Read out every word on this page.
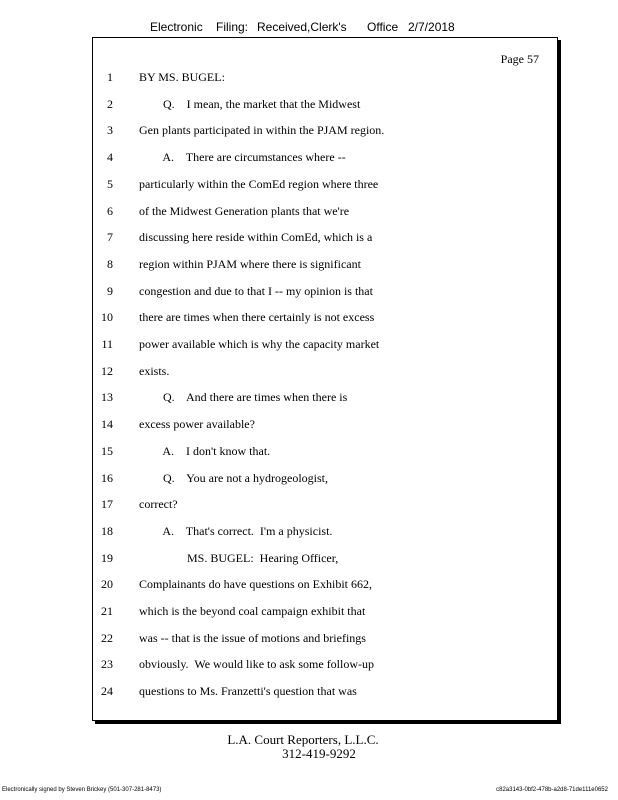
Electronic Filing: Received,Clerk's Office 2/7/2018
Page 57
1 BY MS. BUGEL:
2 Q.    I mean, the market that the Midwest
3 Gen plants participated in within the PJAM region.
4 A.    There are circumstances where --
5 particularly within the ComEd region where three
6 of the Midwest Generation plants that we're
7 discussing here reside within ComEd, which is a
8 region within PJAM where there is significant
9 congestion and due to that I -- my opinion is that
10 there are times when there certainly is not excess
11 power available which is why the capacity market
12 exists.
13 Q.    And there are times when there is
14 excess power available?
15 A.    I don't know that.
16 Q.    You are not a hydrogeologist,
17 correct?
18 A.    That's correct.  I'm a physicist.
19 MS. BUGEL:  Hearing Officer,
20 Complainants do have questions on Exhibit 662,
21 which is the beyond coal campaign exhibit that
22 was -- that is the issue of motions and briefings
23 obviously.  We would like to ask some follow-up
24 questions to Ms. Franzetti's question that was
L.A. Court Reporters, L.L.C.
312-419-9292
Electronically signed by Steven Brickey (501-307-281-8473)	c82a3143-0bf2-478b-a2d8-71de111e0652
